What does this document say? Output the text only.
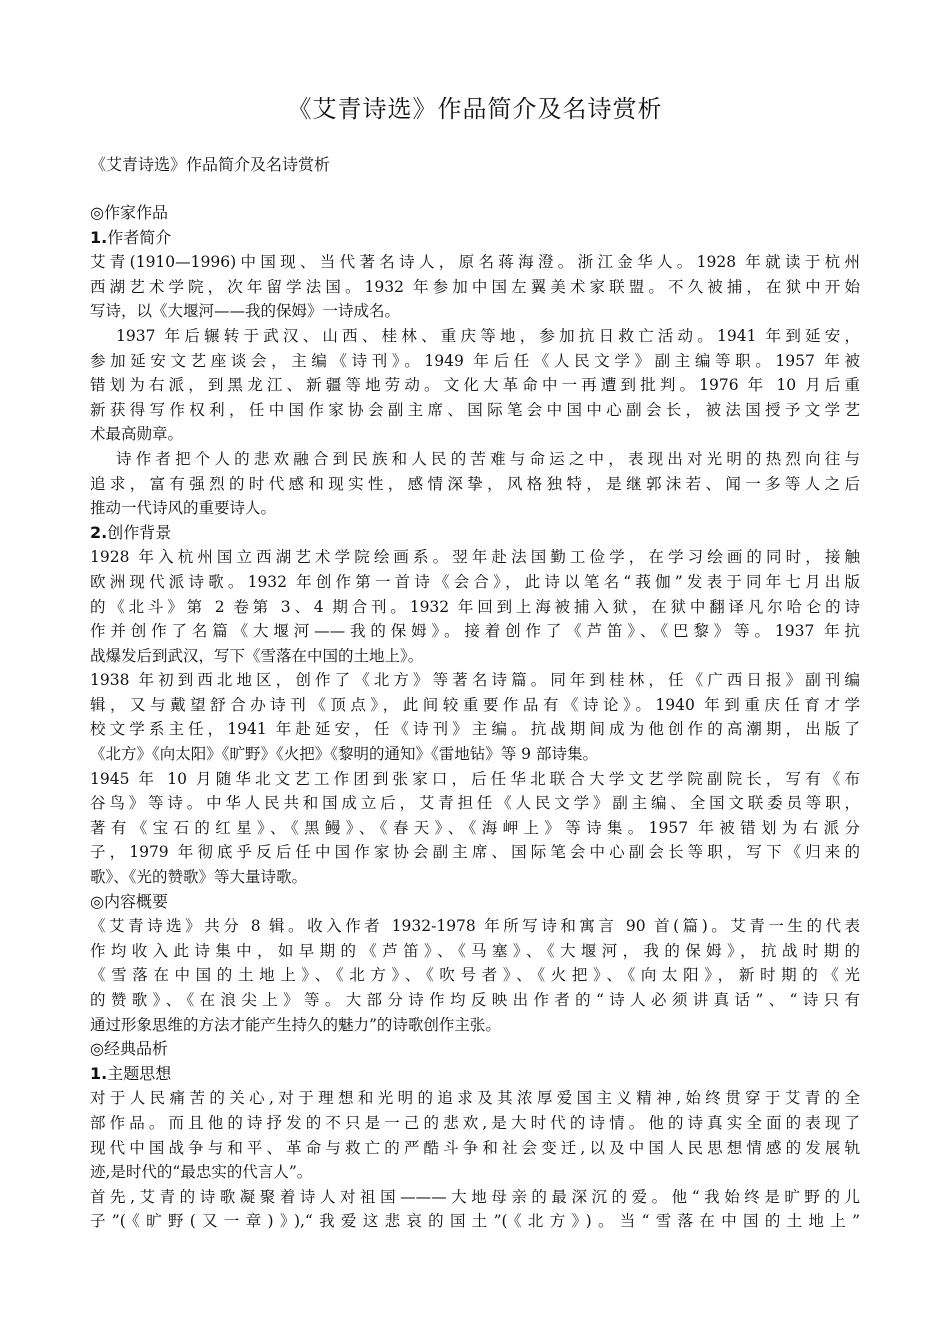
《艾青诗选》作品简介及名诗赏析

《艾青诗选》作品简介及名诗赏析

◎作家作品

1.作者简介

艾青(1910—1996)中国现、当代著名诗人，原名蒋海澄。浙江金华人。1928 年就读于杭州

西湖艺术学院，次年留学法国。1932 年参加中国左翼美术家联盟。不久被捕，在狱中开始

写诗，以《大堰河——我的保姆》一诗成名。

1937 年后辗转于武汉、山西、桂林、重庆等地，参加抗日救亡活动。1941 年到延安，

参加延安文艺座谈会，主编《诗刊》。1949 年后任《人民文学》副主编等职。1957 年被

错划为右派，到黑龙江、新疆等地劳动。文化大革命中一再遭到批判。1976 年 10 月后重

新获得写作权利，任中国作家协会副主席、国际笔会中国中心副会长，被法国授予文学艺

术最高勋章。

诗作者把个人的悲欢融合到民族和人民的苦难与命运之中，表现出对光明的热烈向往与

追求，富有强烈的时代感和现实性，感情深挚，风格独特，是继郭沫若、闻一多等人之后

推动一代诗风的重要诗人。

2.创作背景

1928 年入杭州国立西湖艺术学院绘画系。翌年赴法国勤工俭学，在学习绘画的同时，接触

欧洲现代派诗歌。1932 年创作第一首诗《会合》，此诗以笔名“莪伽”发表于同年七月出版

的《北斗》第 2 卷第 3、4 期合刊。1932 年回到上海被捕入狱，在狱中翻译凡尔哈仑的诗

作并创作了名篇《大堰河——我的保姆》。接着创作了《芦笛》、《巴黎》等。1937 年抗

战爆发后到武汉，写下《雪落在中国的土地上》。

1938 年初到西北地区，创作了《北方》等著名诗篇。同年到桂林，任《广西日报》副刊编

辑，又与戴望舒合办诗刊《顶点》，此间较重要作品有《诗论》。1940 年到重庆任育才学

校文学系主任，1941 年赴延安，任《诗刊》主编。抗战期间成为他创作的高潮期，出版了

《北方》《向太阳》《旷野》《火把》《黎明的通知》《雷地钻》等 9 部诗集。

1945 年 10 月随华北文艺工作团到张家口，后任华北联合大学文艺学院副院长，写有《布

谷鸟》等诗。中华人民共和国成立后，艾青担任《人民文学》副主编、全国文联委员等职，

著有《宝石的红星》、《黑鳗》、《春天》、《海岬上》等诗集。1957 年被错划为右派分

子，1979 年彻底乎反后任中国作家协会副主席、国际笔会中心副会长等职，写下《归来的

歌》、《光的赞歌》等大量诗歌。

◎内容概要

《艾青诗选》共分 8 辑。收入作者 1932-1978 年所写诗和寓言 90 首(篇)。艾青一生的代表

作均收入此诗集中，如早期的《芦笛》、《马塞》、《大堰河，我的保姆》，抗战时期的

《雪落在中国的土地上》、《北方》、《吹号者》、《火把》、《向太阳》，新时期的《光

的赞歌》、《在浪尖上》等。大部分诗作均反映出作者的“诗人必须讲真话”、“诗只有

通过形象思维的方法才能产生持久的魅力”的诗歌创作主张。

◎经典品析

1.主题思想

对于人民痛苦的关心,对于理想和光明的追求及其浓厚爱国主义精神,始终贯穿于艾青的全

部作品。而且他的诗抒发的不只是一己的悲欢,是大时代的诗情。他的诗真实全面的表现了

现代中国战争与和平、革命与救亡的严酷斗争和社会变迁,以及中国人民思想情感的发展轨

迹,是时代的“最忠实的代言人”。

首先,艾青的诗歌凝聚着诗人对祖国———大地母亲的最深沉的爱。他“我始终是旷野的儿

子”(《旷野(又一章)》),“我爱这悲哀的国土”(《北方》)。当“雪落在中国的土地上”
